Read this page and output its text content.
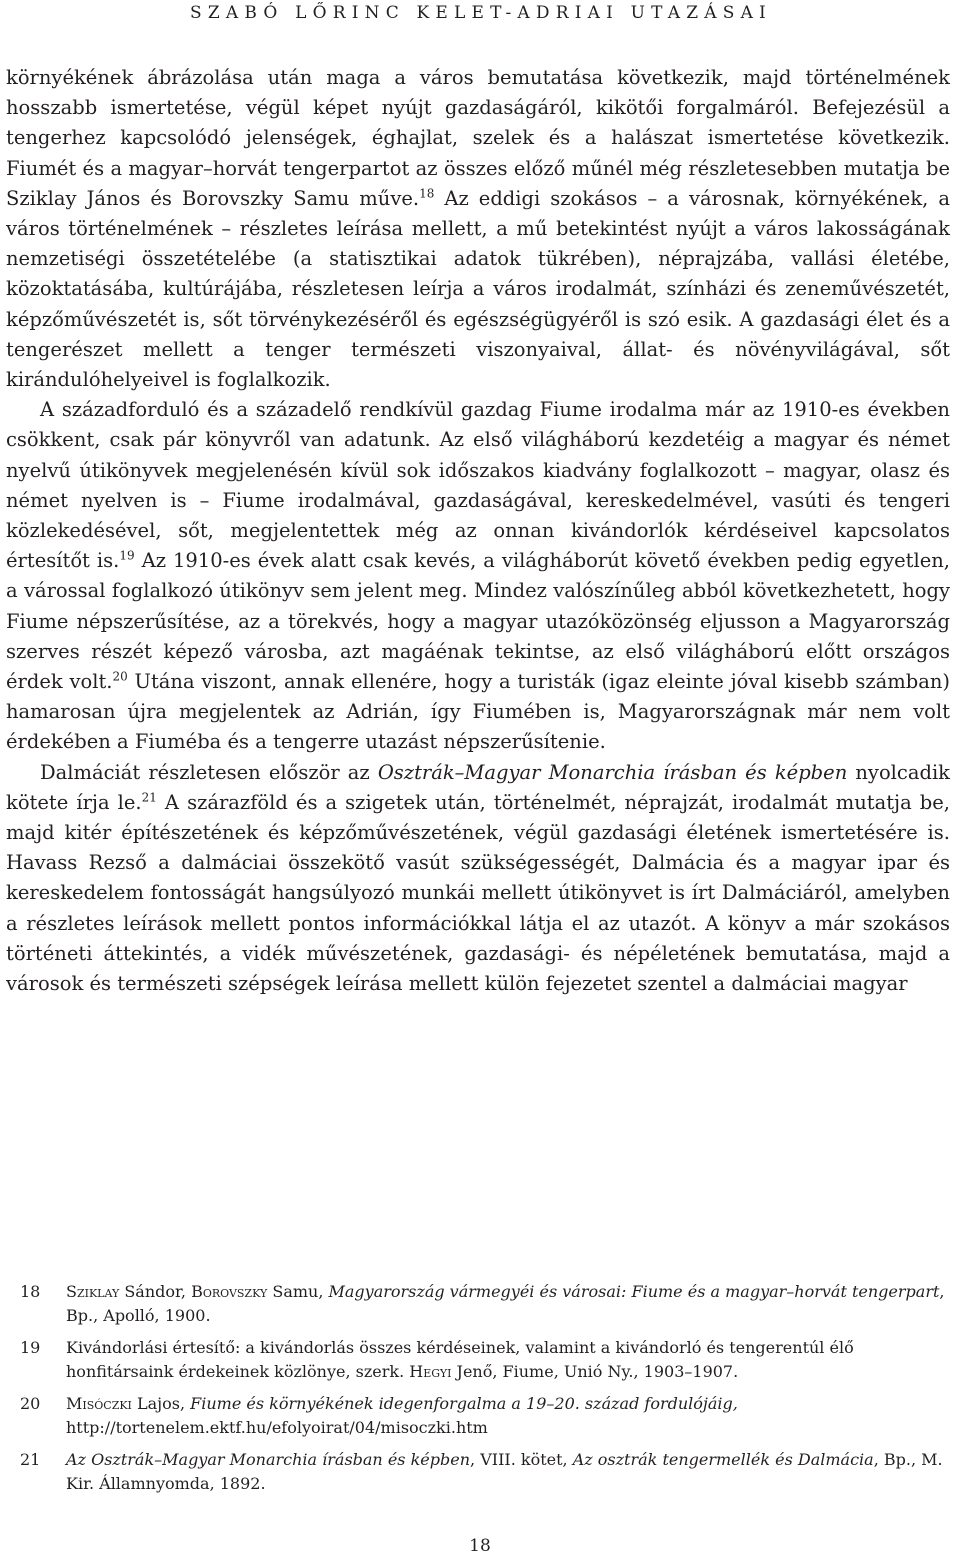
SZABÓ LŐRINC KELET-ADRIAI UTAZÁSAI

környékének ábrázolása után maga a város bemutatása következik, majd történelmének hosszabb ismertetése, végül képet nyújt gazdaságáról, kikötői forgalmáról. Befejezésül a tengerhez kapcsolódó jelenségek, éghajlat, szelek és a halászat ismertetése következik. Fiumét és a magyar–horvát tengerpartot az összes előző műnél még részletesebben mutatja be Sziklay János és Borovszky Samu műve.$^{18}$ Az eddigi szokásos – a városnak, környékének, a város történelmének – részletes leírása mellett, a mű betekintést nyújt a város lakosságának nemzetiségi összetételébe (a statisztikai adatok tükrében), néprajzába, vallási életébe, közoktatásába, kultúrájába, részletesen leírja a város irodalmát, színházi és zeneművészetét, képzőművészetét is, sőt törvénykezéséről és egészségügyéről is szó esik. A gazdasági élet és a tengerészet mellett a tenger természeti viszonyaival, állat- és növényvilágával, sőt kirándulóhelyeivel is foglalkozik.

A századforduló és a századelő rendkívül gazdag Fiume irodalma már az 1910-es években csökkent, csak pár könyvről van adatunk. Az első világháború kezdetéig a magyar és német nyelvű útikönyvek megjelenésén kívül sok időszakos kiadvány foglalkozott – magyar, olasz és német nyelven is – Fiume irodalmával, gazdaságával, kereskedelmével, vasúti és tengeri közlekedésével, sőt, megjelentettek még az onnan kivándorlók kérdéseivel kapcsolatos értesítőt is.$^{19}$ Az 1910-es évek alatt csak kevés, a világháborút követő években pedig egyetlen, a várossal foglalkozó útikönyv sem jelent meg. Mindez valószínűleg abból következhetett, hogy Fiume népszerűsítése, az a törekvés, hogy a magyar utazóközönség eljusson a Magyarország szerves részét képező városba, azt magáénak tekintse, az első világháború előtt országos érdek volt.$^{20}$ Utána viszont, annak ellenére, hogy a turisták (igaz eleinte jóval kisebb számban) hamarosan újra megjelentek az Adrián, így Fiumében is, Magyarországnak már nem volt érdekében a Fiuméba és a tengerre utazást népszerűsítenie.

Dalmáciát részletesen először az Osztrák–Magyar Monarchia írásban és képben nyolcadik kötete írja le.$^{21}$ A szárazföld és a szigetek után, történelmét, néprajzát, irodalmát mutatja be, majd kitér építészetének és képzőművészetének, végül gazdasági életének ismertetésére is. Havass Rezső a dalmáciai összekötő vasút szükségességét, Dalmácia és a magyar ipar és kereskedelem fontosságát hangsúlyozó munkái mellett útikönyvet is írt Dalmáciáról, amelyben a részletes leírások mellett pontos információkkal látja el az utazót. A könyv a már szokásos történeti áttekintés, a vidék művészetének, gazdasági- és népéletének bemutatása, majd a városok és természeti szépségek leírása mellett külön fejezetet szentel a dalmáciai magyar

18 Sziklay Sándor, Borovszky Samu, Magyarország vármegyéi és városai: Fiume és a magyar–horvát tengerpart, Bp., Apolló, 1900.
19 Kivándorlási értesítő: a kivándorlás összes kérdéseinek, valamint a kivándorló és tengerentúl élő honfitársaink érdekeinek közlönye, szerk. Hegyi Jenő, Fiume, Unió Ny., 1903–1907.
20 Misóczki Lajos, Fiume és környékének idegenforgalma a 19–20. század fordulójáig,
http://tortenelem.ektf.hu/efolyoirat/04/misoczki.htm
21 Az Osztrák–Magyar Monarchia írásban és képben, VIII. kötet, Az osztrák tengermellék és Dalmácia, Bp., M. Kir. Államnyomda, 1892.
18
